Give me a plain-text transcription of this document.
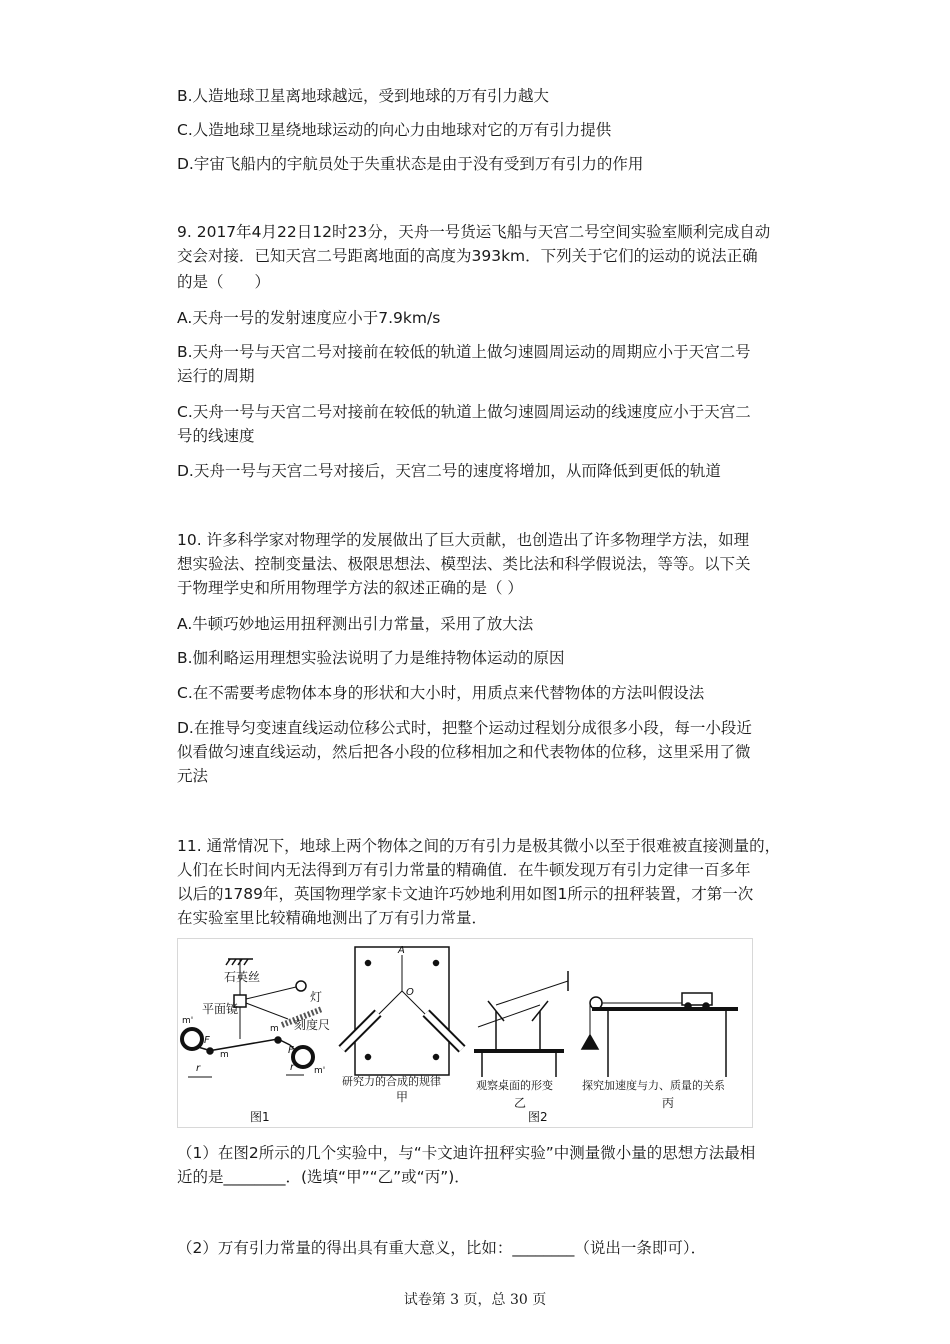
B.人造地球卫星离地球越远，受到地球的万有引力越大
C.人造地球卫星绕地球运动的向心力由地球对它的万有引力提供
D.宇宙飞船内的宇航员处于失重状态是由于没有受到万有引力的作用
9. 2017年4月22日12时23分，天舟一号货运飞船与天宫二号空间实验室顺利完成自动
交会对接．已知天宫二号距离地面的高度为393km．下列关于它们的运动的说法正确
的是（　　）
A.天舟一号的发射速度应小于7.9km/s
B.天舟一号与天宫二号对接前在较低的轨道上做匀速圆周运动的周期应小于天宫二号
运行的周期
C.天舟一号与天宫二号对接前在较低的轨道上做匀速圆周运动的线速度应小于天宫二
号的线速度
D.天舟一号与天宫二号对接后，天宫二号的速度将增加，从而降低到更低的轨道
10. 许多科学家对物理学的发展做出了巨大贡献，也创造出了许多物理学方法，如理
想实验法、控制变量法、极限思想法、模型法、类比法和科学假说法，等等。以下关
于物理学史和所用物理学方法的叙述正确的是（ ）
A.牛顿巧妙地运用扭秤测出引力常量，采用了放大法
B.伽利略运用理想实验法说明了力是维持物体运动的原因
C.在不需要考虑物体本身的形状和大小时，用质点来代替物体的方法叫假设法
D.在推导匀变速直线运动位移公式时，把整个运动过程划分成很多小段，每一小段近
似看做匀速直线运动，然后把各小段的位移相加之和代表物体的位移，这里采用了微
元法
11. 通常情况下，地球上两个物体之间的万有引力是极其微小以至于很难被直接测量的，
人们在长时间内无法得到万有引力常量的精确值．在牛顿发现万有引力定律一百多年
以后的1789年，英国物理学家卡文迪许巧妙地利用如图1所示的扭秤装置，才第一次
在实验室里比较精确地测出了万有引力常量．
石英丝
平面镜
灯
刻度尺
m'
m
m
m'
F
F
r	r
图1
A
O
研究力的合成的规律
甲
观察桌面的形变
乙
图2
探究加速度与力、质量的关系
丙
（1）在图2所示的几个实验中，与“卡文迪许扭秤实验”中测量微小量的思想方法最相
近的是________．(选填“甲”“乙”或“丙”)．
（2）万有引力常量的得出具有重大意义，比如：________（说出一条即可）．
试卷第 3 页，总 30 页
